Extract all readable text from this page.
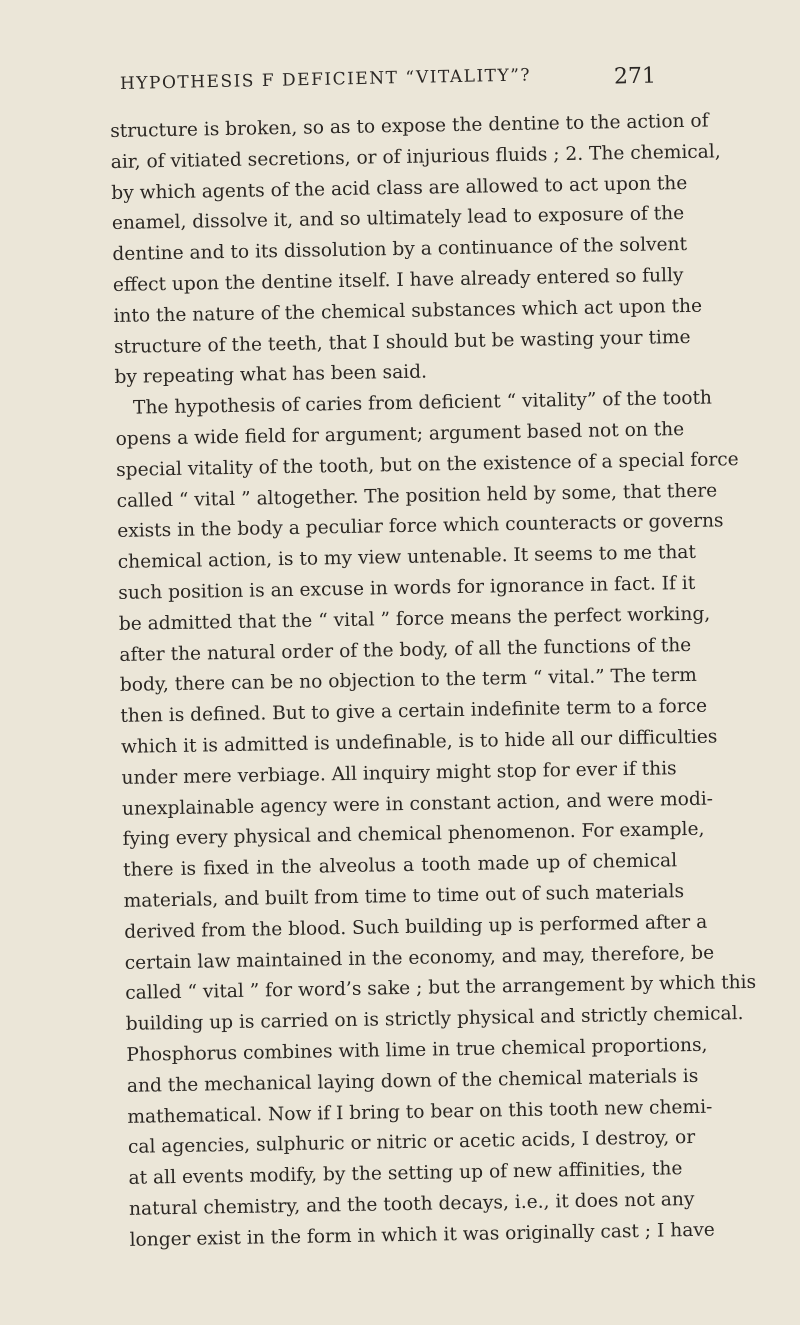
HYPOTHESIS F DEFICIENT “VITALITY”?	271
structure is broken, so as to expose the dentine to the action of
air, of vitiated secretions, or of injurious fluids ; 2. The chemical,
by which agents of the acid class are allowed to act upon the
enamel, dissolve it, and so ultimately lead to exposure of the
dentine and to its dissolution by a continuance of the solvent
effect upon the dentine itself. I have already entered so fully
into the nature of the chemical substances which act upon the
structure of the teeth, that I should but be wasting your time
by repeating what has been said.
The hypothesis of caries from deficient “ vitality” of the tooth
opens a wide field for argument; argument based not on the
special vitality of the tooth, but on the existence of a special force
called “ vital ” altogether. The position held by some, that there
exists in the body a peculiar force which counteracts or governs
chemical action, is to my view untenable. It seems to me that
such position is an excuse in words for ignorance in fact. If it
be admitted that the “ vital ” force means the perfect working,
after the natural order of the body, of all the functions of the
body, there can be no objection to the term “ vital.” The term
then is defined. But to give a certain indefinite term to a force
which it is admitted is undefinable, is to hide all our difficulties
under mere verbiage. All inquiry might stop for ever if this
unexplainable agency were in constant action, and were modi-
fying every physical and chemical phenomenon. For example,
there is fixed in the alveolus a tooth made up of chemical
materials, and built from time to time out of such materials
derived from the blood. Such building up is performed after a
certain law maintained in the economy, and may, therefore, be
called “ vital ” for word’s sake ; but the arrangement by which this
building up is carried on is strictly physical and strictly chemical.
Phosphorus combines with lime in true chemical proportions,
and the mechanical laying down of the chemical materials is
mathematical. Now if I bring to bear on this tooth new chemi-
cal agencies, sulphuric or nitric or acetic acids, I destroy, or
at all events modify, by the setting up of new affinities, the
natural chemistry, and the tooth decays, i.e., it does not any
longer exist in the form in which it was originally cast ; I have
